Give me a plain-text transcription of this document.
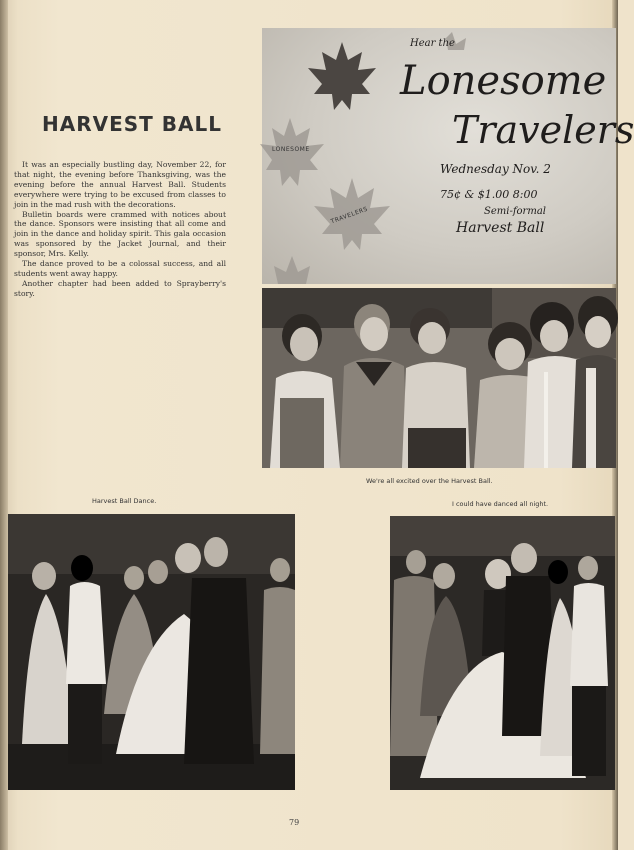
HARVEST BALL

It was an especially bustling day, November 22, for that night, the evening before Thanksgiving, was the evening before the annual Harvest Ball. Students everywhere were trying to be excused from classes to join in the mad rush with the decorations.

Bulletin boards were crammed with notices about the dance. Sponsors were insisting that all come and join in the dance and holiday spirit. This gala occasion was sponsored by the Jacket Journal, and their sponsor, Mrs. Kelly.

The dance proved to be a colossal success, and all students went away happy.

Another chapter had been added to Sprayberry's story.

LONESOME
TRAVELERS
Hear the
Lonesome
Travelers
Wednesday Nov. 2
75¢ & $1.00 8:00
Semi-formal
Harvest Ball
We're all excited over the Harvest Ball.
Harvest Ball Dance.	I could have danced all night.
79
